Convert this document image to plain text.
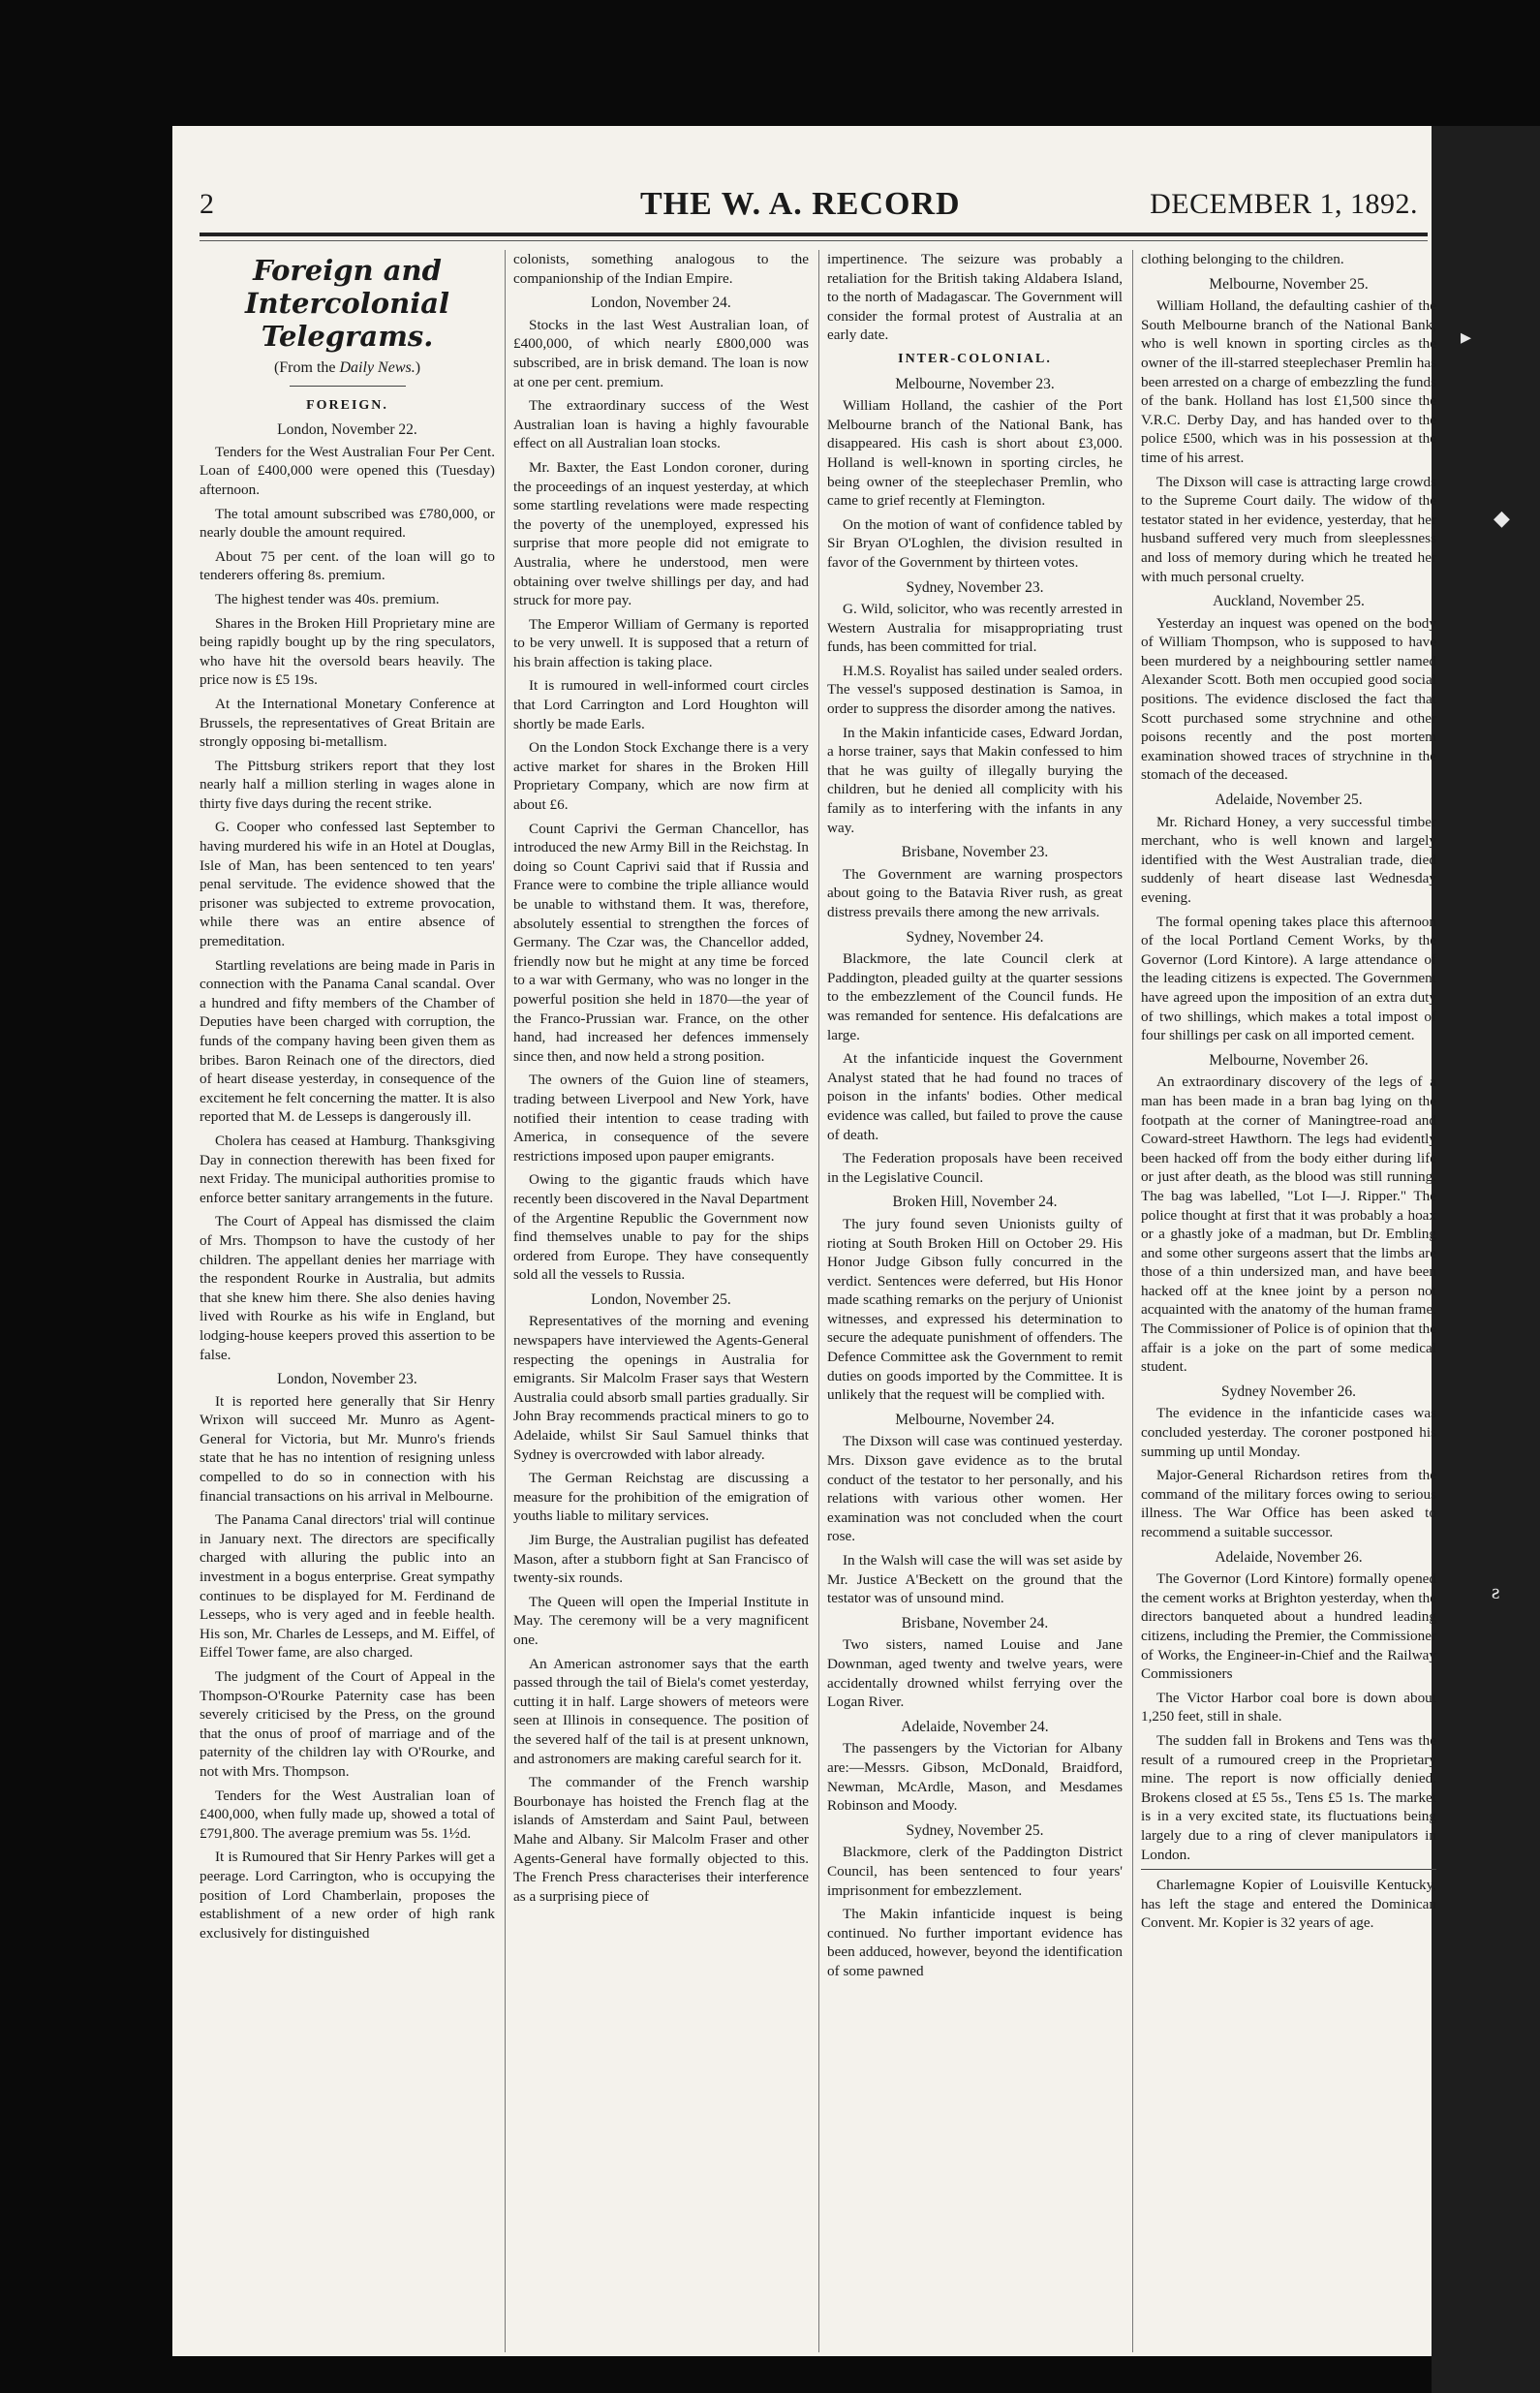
▸
◆
ƨ
2	THE W. A. RECORD	DECEMBER 1, 1892.
Foreign and Intercolonial Telegrams.
(From the Daily News.)
FOREIGN.
London, November 22.

Tenders for the West Australian Four Per Cent. Loan of £400,000 were opened this (Tuesday) afternoon.

The total amount subscribed was £780,000, or nearly double the amount required.

About 75 per cent. of the loan will go to tenderers offering 8s. premium.

The highest tender was 40s. premium.

Shares in the Broken Hill Proprietary mine are being rapidly bought up by the ring speculators, who have hit the oversold bears heavily. The price now is £5 19s.

At the International Monetary Conference at Brussels, the representatives of Great Britain are strongly opposing bi-metallism.

The Pittsburg strikers report that they lost nearly half a million sterling in wages alone in thirty five days during the recent strike.

G. Cooper who confessed last September to having murdered his wife in an Hotel at Douglas, Isle of Man, has been sentenced to ten years' penal servitude. The evidence showed that the prisoner was subjected to extreme provocation, while there was an entire absence of premeditation.

Startling revelations are being made in Paris in connection with the Panama Canal scandal. Over a hundred and fifty members of the Chamber of Deputies have been charged with corruption, the funds of the company having been given them as bribes. Baron Reinach one of the directors, died of heart disease yesterday, in consequence of the excitement he felt concerning the matter. It is also reported that M. de Lesseps is dangerously ill.

Cholera has ceased at Hamburg. Thanksgiving Day in connection therewith has been fixed for next Friday. The municipal authorities promise to enforce better sanitary arrangements in the future.

The Court of Appeal has dismissed the claim of Mrs. Thompson to have the custody of her children. The appellant denies her marriage with the respondent Rourke in Australia, but admits that she knew him there. She also denies having lived with Rourke as his wife in England, but lodging-house keepers proved this assertion to be false.

London, November 23.

It is reported here generally that Sir Henry Wrixon will succeed Mr. Munro as Agent-General for Victoria, but Mr. Munro's friends state that he has no intention of resigning unless compelled to do so in connection with his financial transactions on his arrival in Melbourne.

The Panama Canal directors' trial will continue in January next. The directors are specifically charged with alluring the public into an investment in a bogus enterprise. Great sympathy continues to be displayed for M. Ferdinand de Lesseps, who is very aged and in feeble health. His son, Mr. Charles de Lesseps, and M. Eiffel, of Eiffel Tower fame, are also charged.

The judgment of the Court of Appeal in the Thompson-O'Rourke Paternity case has been severely criticised by the Press, on the ground that the onus of proof of marriage and of the paternity of the children lay with O'Rourke, and not with Mrs. Thompson.

Tenders for the West Australian loan of £400,000, when fully made up, showed a total of £791,800. The average premium was 5s. 1½d.

It is Rumoured that Sir Henry Parkes will get a peerage. Lord Carrington, who is occupying the position of Lord Chamberlain, proposes the establishment of a new order of high rank exclusively for distinguished

colonists, something analogous to the companionship of the Indian Empire.

London, November 24.

Stocks in the last West Australian loan, of £400,000, of which nearly £800,000 was subscribed, are in brisk demand. The loan is now at one per cent. premium.

The extraordinary success of the West Australian loan is having a highly favourable effect on all Australian loan stocks.

Mr. Baxter, the East London coroner, during the proceedings of an inquest yesterday, at which some startling revelations were made respecting the poverty of the unemployed, expressed his surprise that more people did not emigrate to Australia, where he understood, men were obtaining over twelve shillings per day, and had struck for more pay.

The Emperor William of Germany is reported to be very unwell. It is supposed that a return of his brain affection is taking place.

It is rumoured in well-informed court circles that Lord Carrington and Lord Houghton will shortly be made Earls.

On the London Stock Exchange there is a very active market for shares in the Broken Hill Proprietary Company, which are now firm at about £6.

Count Caprivi the German Chancellor, has introduced the new Army Bill in the Reichstag. In doing so Count Caprivi said that if Russia and France were to combine the triple alliance would be unable to withstand them. It was, therefore, absolutely essential to strengthen the forces of Germany. The Czar was, the Chancellor added, friendly now but he might at any time be forced to a war with Germany, who was no longer in the powerful position she held in 1870—the year of the Franco-Prussian war. France, on the other hand, had increased her defences immensely since then, and now held a strong position.

The owners of the Guion line of steamers, trading between Liverpool and New York, have notified their intention to cease trading with America, in consequence of the severe restrictions imposed upon pauper emigrants.

Owing to the gigantic frauds which have recently been discovered in the Naval Department of the Argentine Republic the Government now find themselves unable to pay for the ships ordered from Europe. They have consequently sold all the vessels to Russia.

London, November 25.

Representatives of the morning and evening newspapers have interviewed the Agents-General respecting the openings in Australia for emigrants. Sir Malcolm Fraser says that Western Australia could absorb small parties gradually. Sir John Bray recommends practical miners to go to Adelaide, whilst Sir Saul Samuel thinks that Sydney is overcrowded with labor already.

The German Reichstag are discussing a measure for the prohibition of the emigration of youths liable to military services.

Jim Burge, the Australian pugilist has defeated Mason, after a stubborn fight at San Francisco of twenty-six rounds.

The Queen will open the Imperial Institute in May. The ceremony will be a very magnificent one.

An American astronomer says that the earth passed through the tail of Biela's comet yesterday, cutting it in half. Large showers of meteors were seen at Illinois in consequence. The position of the severed half of the tail is at present unknown, and astronomers are making careful search for it.

The commander of the French warship Bourbonaye has hoisted the French flag at the islands of Amsterdam and Saint Paul, between Mahe and Albany. Sir Malcolm Fraser and other Agents-General have formally objected to this. The French Press characterises their interference as a surprising piece of

impertinence. The seizure was probably a retaliation for the British taking Aldabera Island, to the north of Madagascar. The Government will consider the formal protest of Australia at an early date.

INTER-COLONIAL.
Melbourne, November 23.

William Holland, the cashier of the Port Melbourne branch of the National Bank, has disappeared. His cash is short about £3,000. Holland is well-known in sporting circles, he being owner of the steeplechaser Premlin, who came to grief recently at Flemington.

On the motion of want of confidence tabled by Sir Bryan O'Loghlen, the division resulted in favor of the Government by thirteen votes.

Sydney, November 23.

G. Wild, solicitor, who was recently arrested in Western Australia for misappropriating trust funds, has been committed for trial.

H.M.S. Royalist has sailed under sealed orders. The vessel's supposed destination is Samoa, in order to suppress the disorder among the natives.

In the Makin infanticide cases, Edward Jordan, a horse trainer, says that Makin confessed to him that he was guilty of illegally burying the children, but he denied all complicity with his family as to interfering with the infants in any way.

Brisbane, November 23.

The Government are warning prospectors about going to the Batavia River rush, as great distress prevails there among the new arrivals.

Sydney, November 24.

Blackmore, the late Council clerk at Paddington, pleaded guilty at the quarter sessions to the embezzlement of the Council funds. He was remanded for sentence. His defalcations are large.

At the infanticide inquest the Government Analyst stated that he had found no traces of poison in the infants' bodies. Other medical evidence was called, but failed to prove the cause of death.

The Federation proposals have been received in the Legislative Council.

Broken Hill, November 24.

The jury found seven Unionists guilty of rioting at South Broken Hill on October 29. His Honor Judge Gibson fully concurred in the verdict. Sentences were deferred, but His Honor made scathing remarks on the perjury of Unionist witnesses, and expressed his determination to secure the adequate punishment of offenders. The Defence Committee ask the Government to remit duties on goods imported by the Committee. It is unlikely that the request will be complied with.

Melbourne, November 24.

The Dixson will case was continued yesterday. Mrs. Dixson gave evidence as to the brutal conduct of the testator to her personally, and his relations with various other women. Her examination was not concluded when the court rose.

In the Walsh will case the will was set aside by Mr. Justice A'Beckett on the ground that the testator was of unsound mind.

Brisbane, November 24.

Two sisters, named Louise and Jane Downman, aged twenty and twelve years, were accidentally drowned whilst ferrying over the Logan River.

Adelaide, November 24.

The passengers by the Victorian for Albany are:—Messrs. Gibson, McDonald, Braidford, Newman, McArdle, Mason, and Mesdames Robinson and Moody.

Sydney, November 25.

Blackmore, clerk of the Paddington District Council, has been sentenced to four years' imprisonment for embezzlement.

The Makin infanticide inquest is being continued. No further important evidence has been adduced, however, beyond the identification of some pawned

clothing belonging to the children.

Melbourne, November 25.

William Holland, the defaulting cashier of the South Melbourne branch of the National Bank, who is well known in sporting circles as the owner of the ill-starred steeplechaser Premlin has been arrested on a charge of embezzling the funds of the bank. Holland has lost £1,500 since the V.R.C. Derby Day, and has handed over to the police £500, which was in his possession at the time of his arrest.

The Dixson will case is attracting large crowds to the Supreme Court daily. The widow of the testator stated in her evidence, yesterday, that her husband suffered very much from sleeplessness and loss of memory during which he treated her with much personal cruelty.

Auckland, November 25.

Yesterday an inquest was opened on the body of William Thompson, who is supposed to have been murdered by a neighbouring settler named Alexander Scott. Both men occupied good social positions. The evidence disclosed the fact that Scott purchased some strychnine and other poisons recently and the post mortem examination showed traces of strychnine in the stomach of the deceased.

Adelaide, November 25.

Mr. Richard Honey, a very successful timber merchant, who is well known and largely identified with the West Australian trade, died suddenly of heart disease last Wednesday evening.

The formal opening takes place this afternoon of the local Portland Cement Works, by the Governor (Lord Kintore). A large attendance of the leading citizens is expected. The Government have agreed upon the imposition of an extra duty of two shillings, which makes a total impost of four shillings per cask on all imported cement.

Melbourne, November 26.

An extraordinary discovery of the legs of a man has been made in a bran bag lying on the footpath at the corner of Maningtree-road and Coward-street Hawthorn. The legs had evidently been hacked off from the body either during life or just after death, as the blood was still running. The bag was labelled, "Lot I—J. Ripper." The police thought at first that it was probably a hoax or a ghastly joke of a madman, but Dr. Embling and some other surgeons assert that the limbs are those of a thin undersized man, and have been hacked off at the knee joint by a person not acquainted with the anatomy of the human frame. The Commissioner of Police is of opinion that the affair is a joke on the part of some medical student.

Sydney November 26.

The evidence in the infanticide cases was concluded yesterday. The coroner postponed his summing up until Monday.

Major-General Richardson retires from the command of the military forces owing to serious illness. The War Office has been asked to recommend a suitable successor.

Adelaide, November 26.

The Governor (Lord Kintore) formally opened the cement works at Brighton yesterday, when the directors banqueted about a hundred leading citizens, including the Premier, the Commissioner of Works, the Engineer-in-Chief and the Railway Commissioners

The Victor Harbor coal bore is down about 1,250 feet, still in shale.

The sudden fall in Brokens and Tens was the result of a rumoured creep in the Proprietary mine. The report is now officially denied. Brokens closed at £5 5s., Tens £5 1s. The market is in a very excited state, its fluctuations being largely due to a ring of clever manipulators in London.

Charlemagne Kopier of Louisville Kentucky, has left the stage and entered the Dominican Convent. Mr. Kopier is 32 years of age.
